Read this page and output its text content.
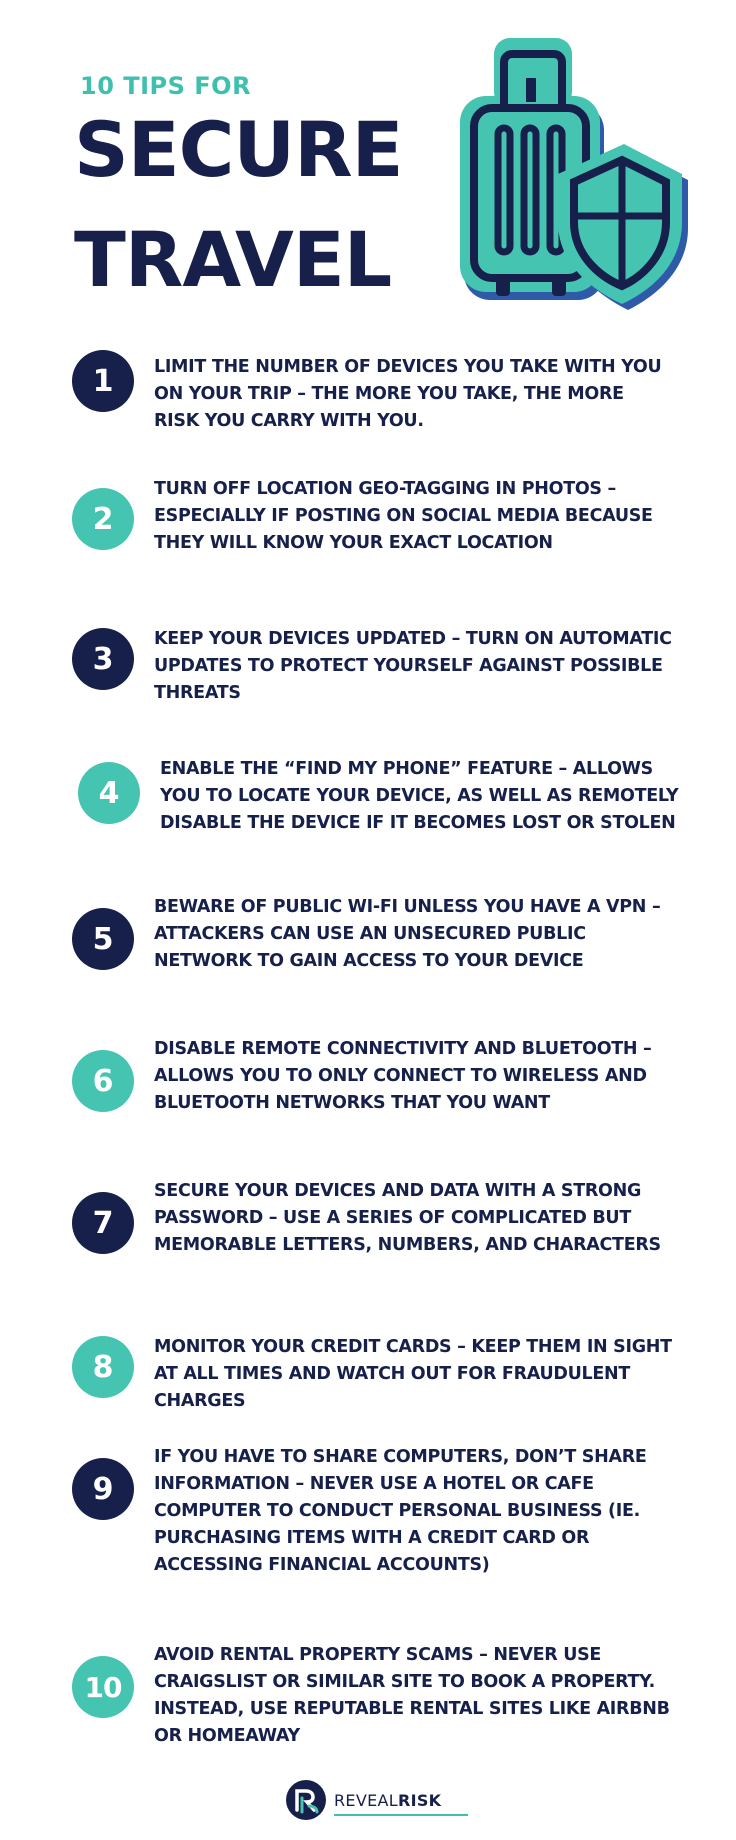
10 TIPS FOR
SECURE
TRAVEL
1	LIMIT THE NUMBER OF DEVICES YOU TAKE WITH YOU ON YOUR TRIP – THE MORE YOU TAKE, THE MORE RISK YOU CARRY WITH YOU.
2
TURN OFF LOCATION GEO-TAGGING IN PHOTOS – ESPECIALLY IF POSTING ON SOCIAL MEDIA BECAUSE THEY WILL KNOW YOUR EXACT LOCATION
3
KEEP YOUR DEVICES UPDATED – TURN ON AUTOMATIC UPDATES TO PROTECT YOURSELF AGAINST POSSIBLE THREATS
4
ENABLE THE “FIND MY PHONE” FEATURE – ALLOWS YOU TO LOCATE YOUR DEVICE, AS WELL AS REMOTELY DISABLE THE DEVICE IF IT BECOMES LOST OR STOLEN
5
BEWARE OF PUBLIC WI-FI UNLESS YOU HAVE A VPN – ATTACKERS CAN USE AN UNSECURED PUBLIC NETWORK TO GAIN ACCESS TO YOUR DEVICE
6
DISABLE REMOTE CONNECTIVITY AND BLUETOOTH – ALLOWS YOU TO ONLY CONNECT TO WIRELESS AND BLUETOOTH NETWORKS THAT YOU WANT
7
SECURE YOUR DEVICES AND DATA WITH A STRONG PASSWORD – USE A SERIES OF COMPLICATED BUT MEMORABLE LETTERS, NUMBERS, AND CHARACTERS
8
MONITOR YOUR CREDIT CARDS – KEEP THEM IN SIGHT AT ALL TIMES AND WATCH OUT FOR FRAUDULENT CHARGES
9
IF YOU HAVE TO SHARE COMPUTERS, DON’T SHARE INFORMATION – NEVER USE A HOTEL OR CAFE COMPUTER TO CONDUCT PERSONAL BUSINESS (IE. PURCHASING ITEMS WITH A CREDIT CARD OR ACCESSING FINANCIAL ACCOUNTS)
10
AVOID RENTAL PROPERTY SCAMS – NEVER USE CRAIGSLIST OR SIMILAR SITE TO BOOK A PROPERTY. INSTEAD, USE REPUTABLE RENTAL SITES LIKE AIRBNB OR HOMEAWAY
REVEALRISK
